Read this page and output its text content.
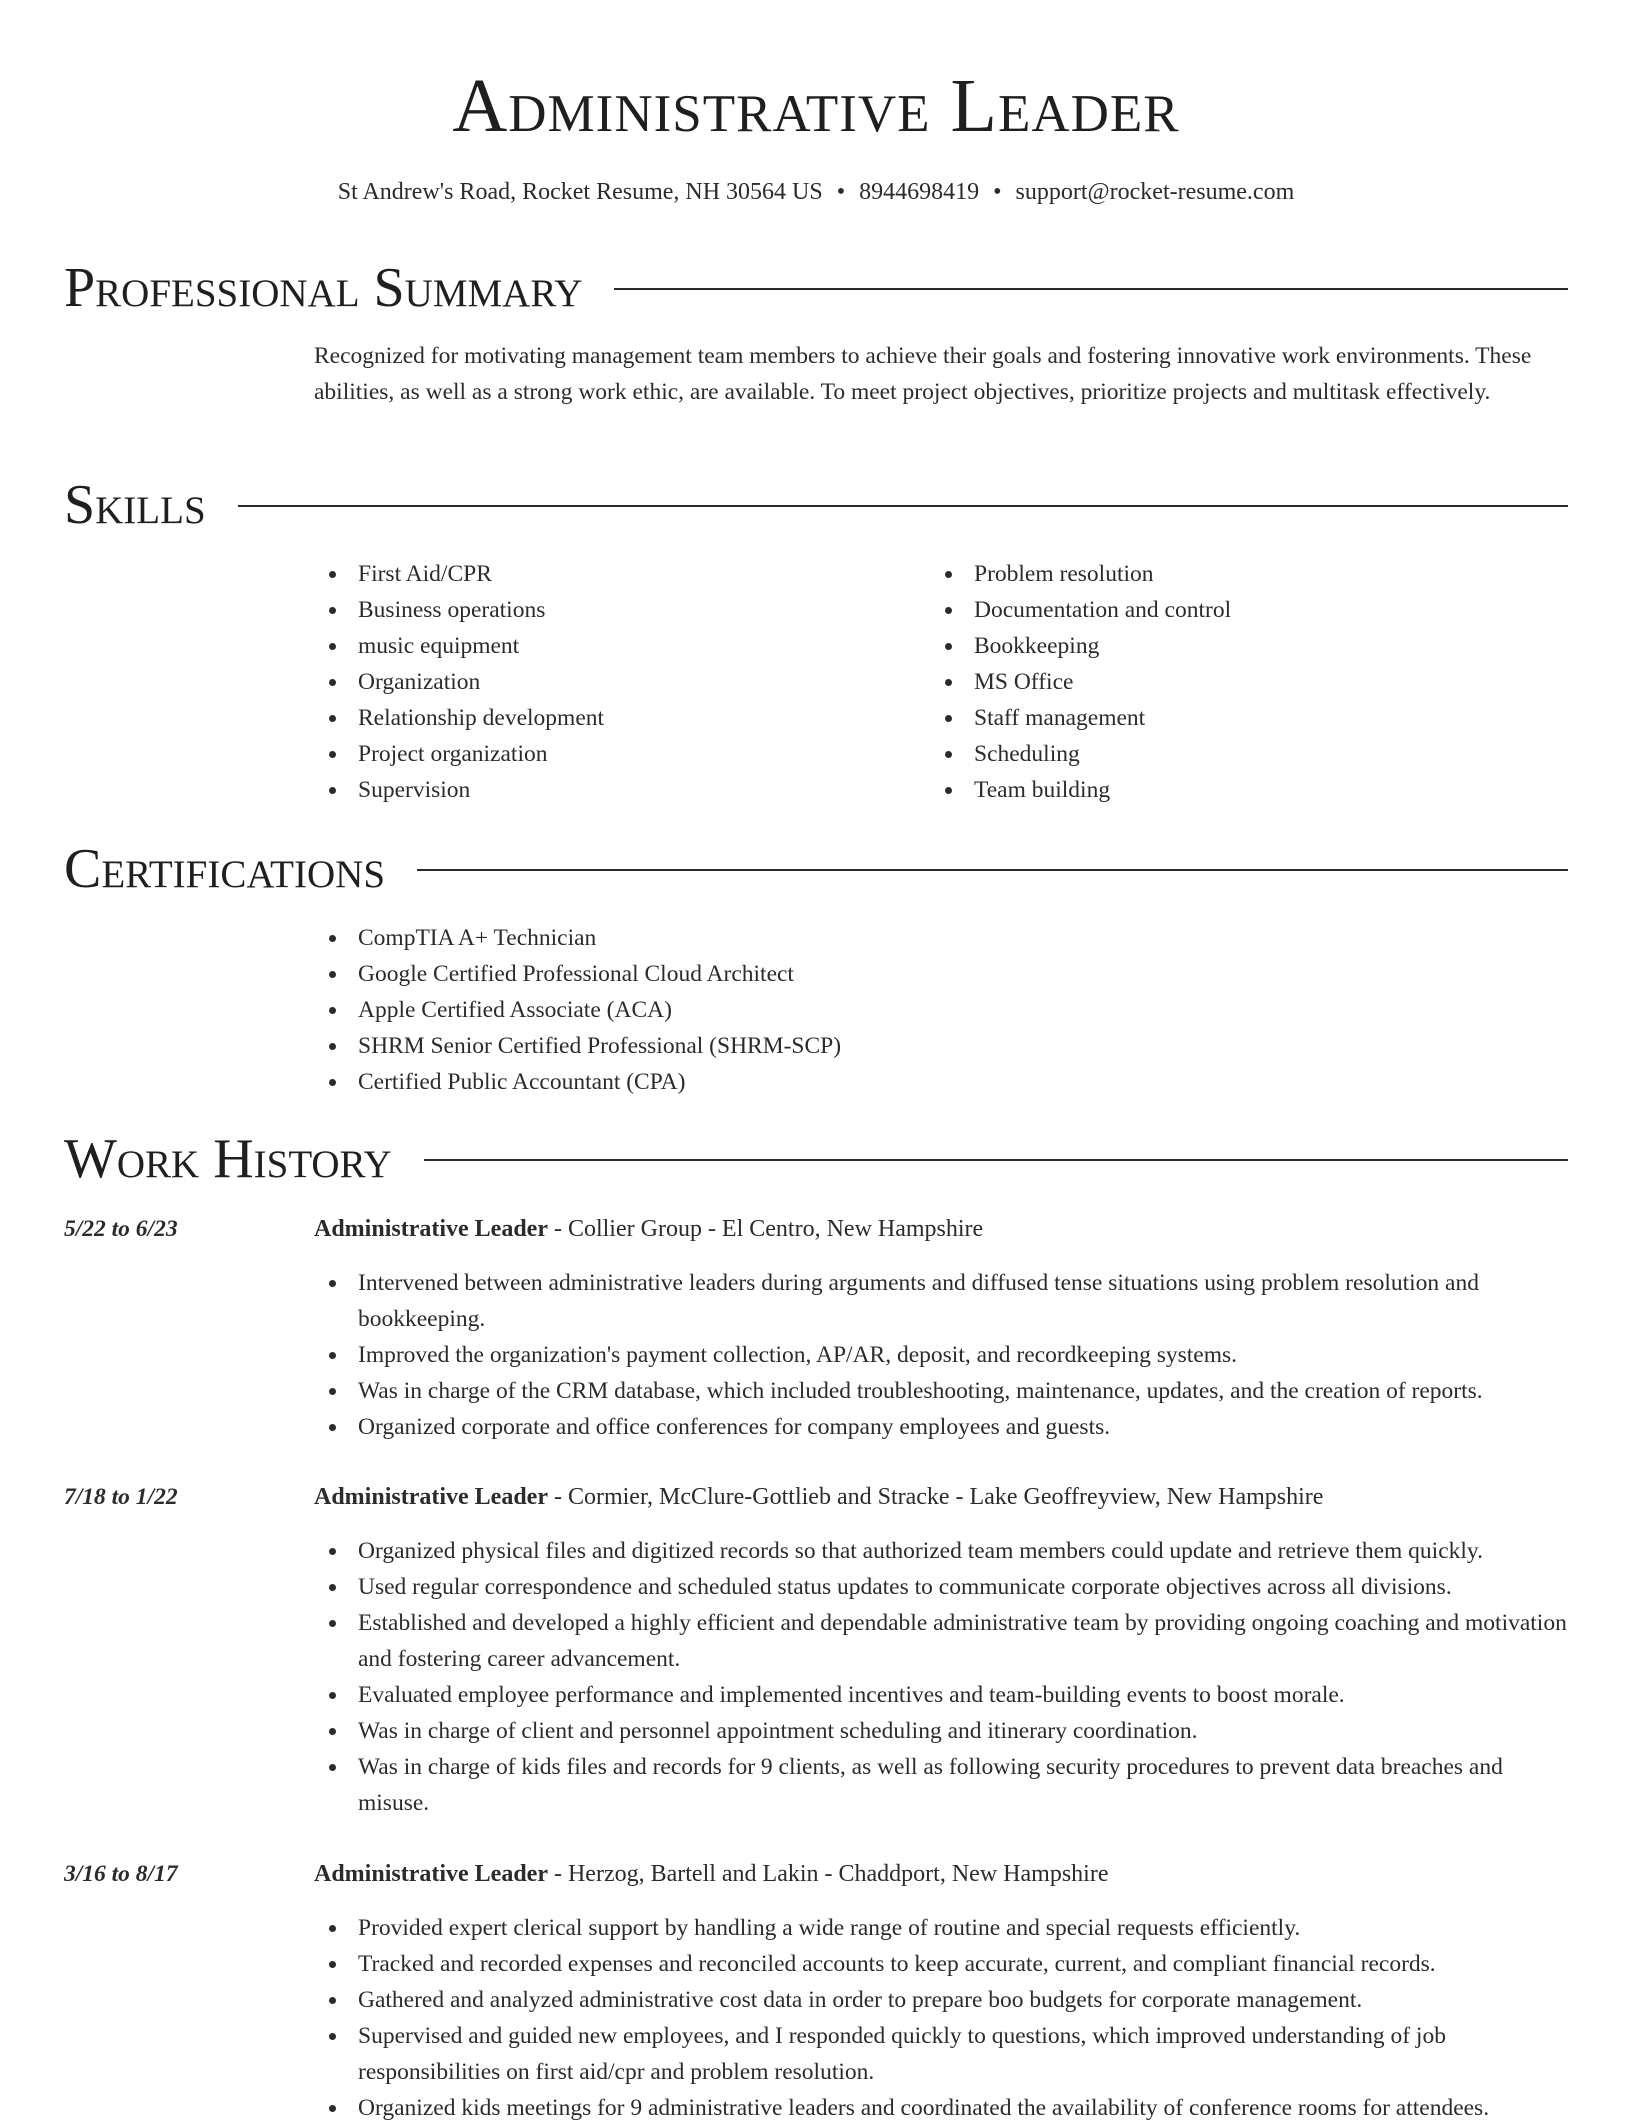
Administrative Leader
St Andrew's Road, Rocket Resume, NH 30564 US • 8944698419 • support@rocket-resume.com
Professional Summary

Recognized for motivating management team members to achieve their goals and fostering innovative work environments. These abilities, as well as a strong work ethic, are available. To meet project objectives, prioritize projects and multitask effectively.

Skills
First Aid/CPR
Business operations
music equipment
Organization
Relationship development
Project organization
Supervision
Problem resolution
Documentation and control
Bookkeeping
MS Office
Staff management
Scheduling
Team building
Certifications
CompTIA A+ Technician
Google Certified Professional Cloud Architect
Apple Certified Associate (ACA)
SHRM Senior Certified Professional (SHRM-SCP)
Certified Public Accountant (CPA)
Work History
5/22 to 6/23	Administrative Leader - Collier Group - El Centro, New Hampshire
Intervened between administrative leaders during arguments and diffused tense situations using problem resolution and bookkeeping.
Improved the organization's payment collection, AP/AR, deposit, and recordkeeping systems.
Was in charge of the CRM database, which included troubleshooting, maintenance, updates, and the creation of reports.
Organized corporate and office conferences for company employees and guests.
7/18 to 1/22	Administrative Leader - Cormier, McClure-Gottlieb and Stracke - Lake Geoffreyview, New Hampshire
Organized physical files and digitized records so that authorized team members could update and retrieve them quickly.
Used regular correspondence and scheduled status updates to communicate corporate objectives across all divisions.
Established and developed a highly efficient and dependable administrative team by providing ongoing coaching and motivation and fostering career advancement.
Evaluated employee performance and implemented incentives and team-building events to boost morale.
Was in charge of client and personnel appointment scheduling and itinerary coordination.
Was in charge of kids files and records for 9 clients, as well as following security procedures to prevent data breaches and misuse.
3/16 to 8/17	Administrative Leader - Herzog, Bartell and Lakin - Chaddport, New Hampshire
Provided expert clerical support by handling a wide range of routine and special requests efficiently.
Tracked and recorded expenses and reconciled accounts to keep accurate, current, and compliant financial records.
Gathered and analyzed administrative cost data in order to prepare boo budgets for corporate management.
Supervised and guided new employees, and I responded quickly to questions, which improved understanding of job responsibilities on first aid/cpr and problem resolution.
Organized kids meetings for 9 administrative leaders and coordinated the availability of conference rooms for attendees.
